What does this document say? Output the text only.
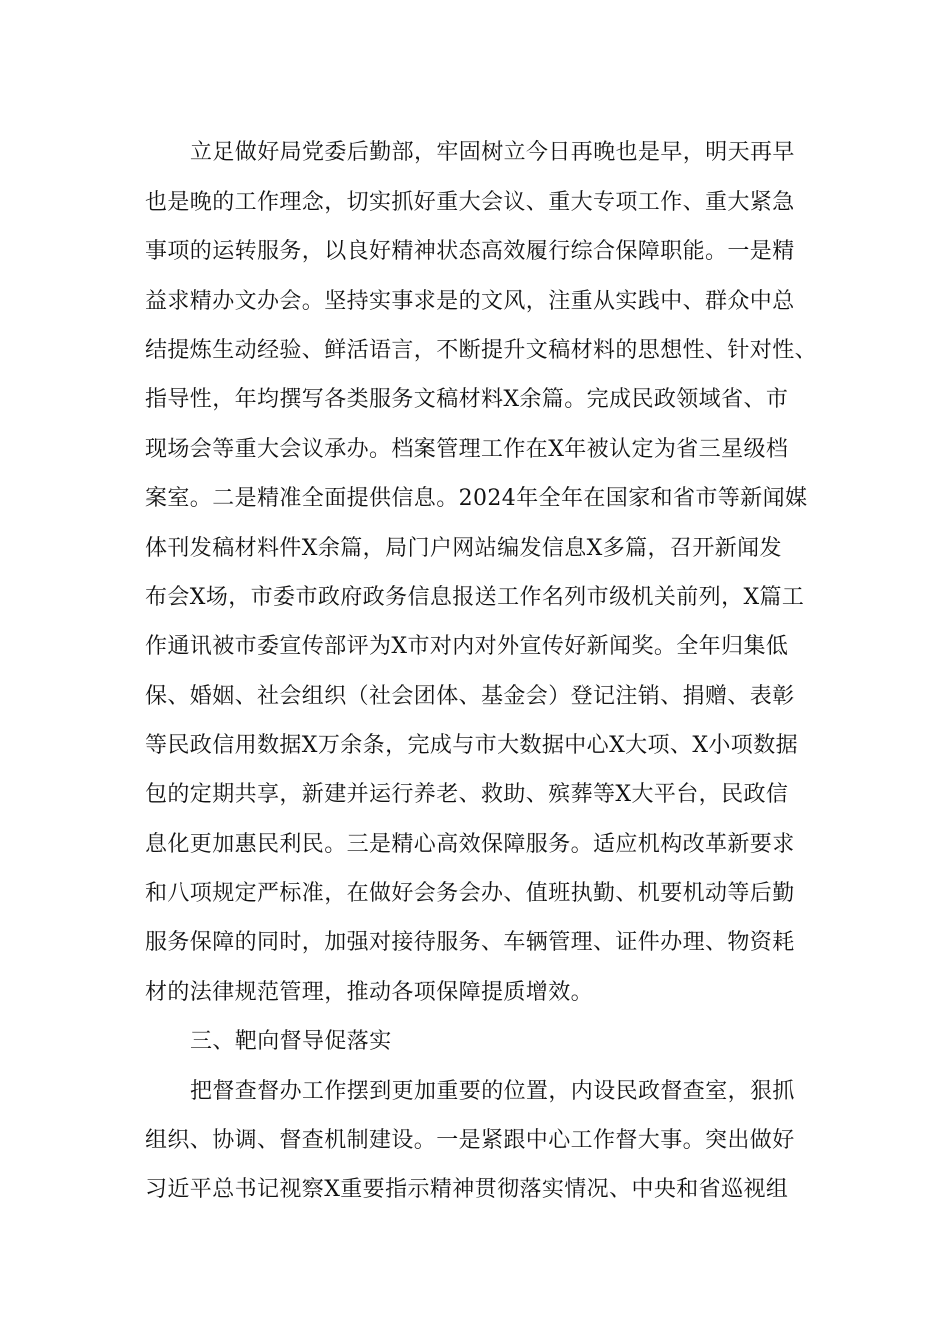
立足做好局党委后勤部，牢固树立今日再晚也是早，明天再早
也是晚的工作理念，切实抓好重大会议、重大专项工作、重大紧急
事项的运转服务，以良好精神状态高效履行综合保障职能。一是精
益求精办文办会。坚持实事求是的文风，注重从实践中、群众中总
结提炼生动经验、鲜活语言，不断提升文稿材料的思想性、针对性、
指导性，年均撰写各类服务文稿材料X余篇。完成民政领域省、市
现场会等重大会议承办。档案管理工作在X年被认定为省三星级档
案室。二是精准全面提供信息。2024年全年在国家和省市等新闻媒
体刊发稿材料件X余篇，局门户网站编发信息X多篇，召开新闻发
布会X场，市委市政府政务信息报送工作名列市级机关前列，X篇工
作通讯被市委宣传部评为X市对内对外宣传好新闻奖。全年归集低
保、婚姻、社会组织（社会团体、基金会）登记注销、捐赠、表彰
等民政信用数据X万余条，完成与市大数据中心X大项、X小项数据
包的定期共享，新建并运行养老、救助、殡葬等X大平台，民政信
息化更加惠民利民。三是精心高效保障服务。适应机构改革新要求
和八项规定严标准，在做好会务会办、值班执勤、机要机动等后勤
服务保障的同时，加强对接待服务、车辆管理、证件办理、物资耗
材的法律规范管理，推动各项保障提质增效。
三、靶向督导促落实
把督查督办工作摆到更加重要的位置，内设民政督查室，狠抓
组织、协调、督查机制建设。一是紧跟中心工作督大事。突出做好
习近平总书记视察X重要指示精神贯彻落实情况、中央和省巡视组
